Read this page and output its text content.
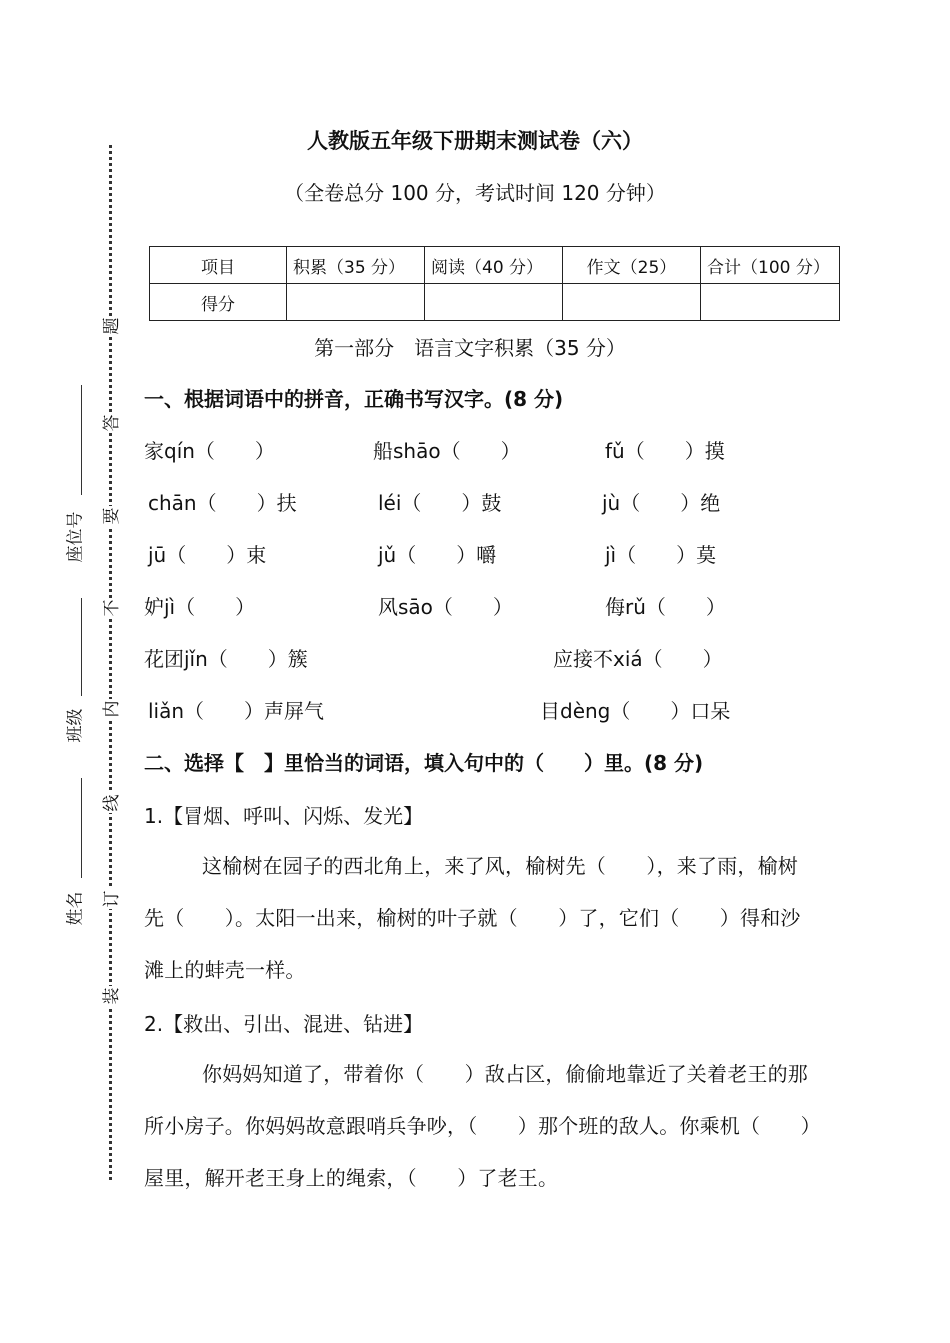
题
答
要
不
内
线
订
装
座位号
班级
姓名
人教版五年级下册期末测试卷（六）
（全卷总分 100 分，考试时间 120 分钟）
项目	积累（35 分）	阅读（40 分）	作文（25）	合计（100 分）
得分				
第一部分　语言文字积累（35 分）
一、根据词语中的拼音，正确书写汉字。(8 分)
家qín（　　）	船shāo（　　）	fǔ（　　）摸
chān（　　）扶	léi（　　）鼓	jù（　　）绝
jū（　　）束	jǔ（　　）嚼	jì（　　）莫
妒jì（　　）	风sāo（　　）	侮rǔ（　　）
花团jǐn（　　）簇	应接不xiá（　　）
liǎn（　　）声屏气	目dèng（　　）口呆
二、选择【　】里恰当的词语，填入句中的（　　）里。(8 分)
1.【冒烟、呼叫、闪烁、发光】
这榆树在园子的西北角上，来了风，榆树先（　　），来了雨，榆树先（　　）。太阳一出来，榆树的叶子就（　　）了，它们（　　）得和沙滩上的蚌壳一样。
2.【救出、引出、混进、钻进】
你妈妈知道了，带着你（　　）敌占区，偷偷地靠近了关着老王的那所小房子。你妈妈故意跟哨兵争吵，（　　）那个班的敌人。你乘机（　　）屋里，解开老王身上的绳索，（　　）了老王。
